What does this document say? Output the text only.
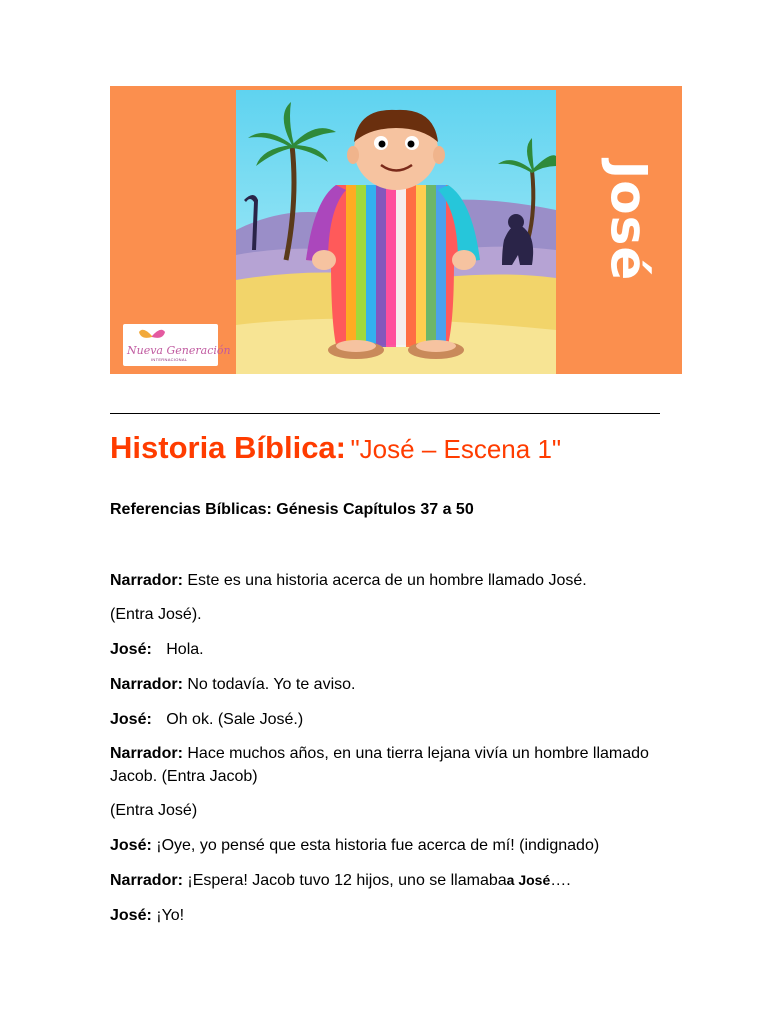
José
Nueva Generación
INTERNACIONAL
Historia Bíblica: "José – Escena 1"
Referencias Bíblicas: Génesis Capítulos 37 a 50
Narrador: Este es una historia acerca de un hombre llamado José.
(Entra José).
José: Hola.
Narrador: No todavía. Yo te aviso.
José: Oh ok. (Sale José.)
Narrador: Hace muchos años, en una tierra lejana vivía un hombre llamado Jacob. (Entra Jacob)
(Entra José)
José: ¡Oye, yo pensé que esta historia fue acerca de mí! (indignado)
Narrador: ¡Espera! Jacob tuvo 12 hijos, uno se llamabaa José….
José: ¡Yo!
